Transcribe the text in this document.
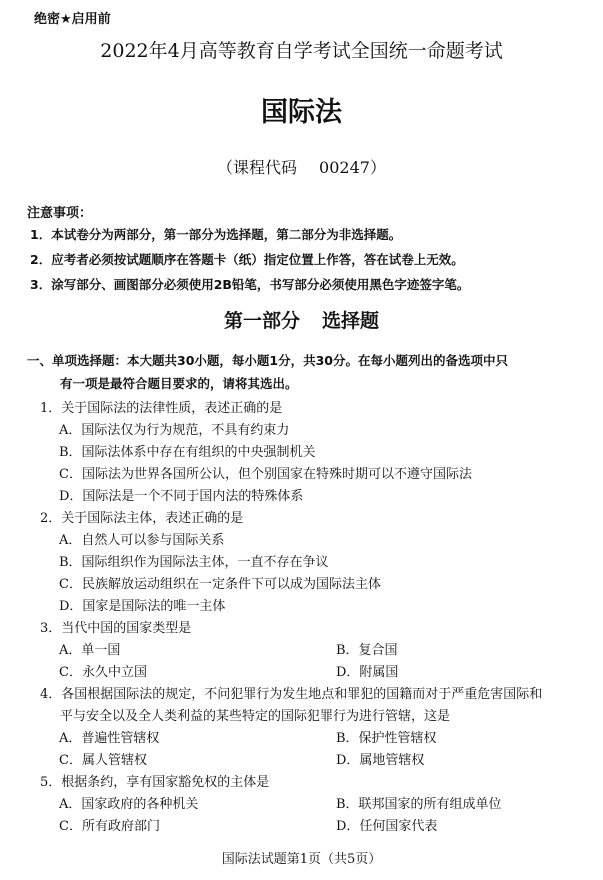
绝密★启用前
2022年4月高等教育自学考试全国统一命题考试
国际法
（课程代码 00247）
注意事项：
1．本试卷分为两部分，第一部分为选择题，第二部分为非选择题。
2．应考者必须按试题顺序在答题卡（纸）指定位置上作答，答在试卷上无效。
3．涂写部分、画图部分必须使用2B铅笔，书写部分必须使用黑色字迹签字笔。
第一部分 选择题
一、单项选择题：本大题共30小题，每小题1分，共30分。在每小题列出的备选项中只
有一项是最符合题目要求的，请将其选出。
1．关于国际法的法律性质，表述正确的是
A．国际法仅为行为规范，不具有约束力
B．国际法体系中存在有组织的中央强制机关
C．国际法为世界各国所公认，但个别国家在特殊时期可以不遵守国际法
D．国际法是一个不同于国内法的特殊体系
2．关于国际法主体，表述正确的是
A．自然人可以参与国际关系
B．国际组织作为国际法主体，一直不存在争议
C．民族解放运动组织在一定条件下可以成为国际法主体
D．国家是国际法的唯一主体
3．当代中国的国家类型是
A．单一国	B．复合国
C．永久中立国	D．附属国
4．各国根据国际法的规定，不问犯罪行为发生地点和罪犯的国籍而对于严重危害国际和
平与安全以及全人类利益的某些特定的国际犯罪行为进行管辖，这是
A．普遍性管辖权	B．保护性管辖权
C．属人管辖权	D．属地管辖权
5．根据条约，享有国家豁免权的主体是
A．国家政府的各种机关	B．联邦国家的所有组成单位
C．所有政府部门	D．任何国家代表
国际法试题第1页（共5页）
